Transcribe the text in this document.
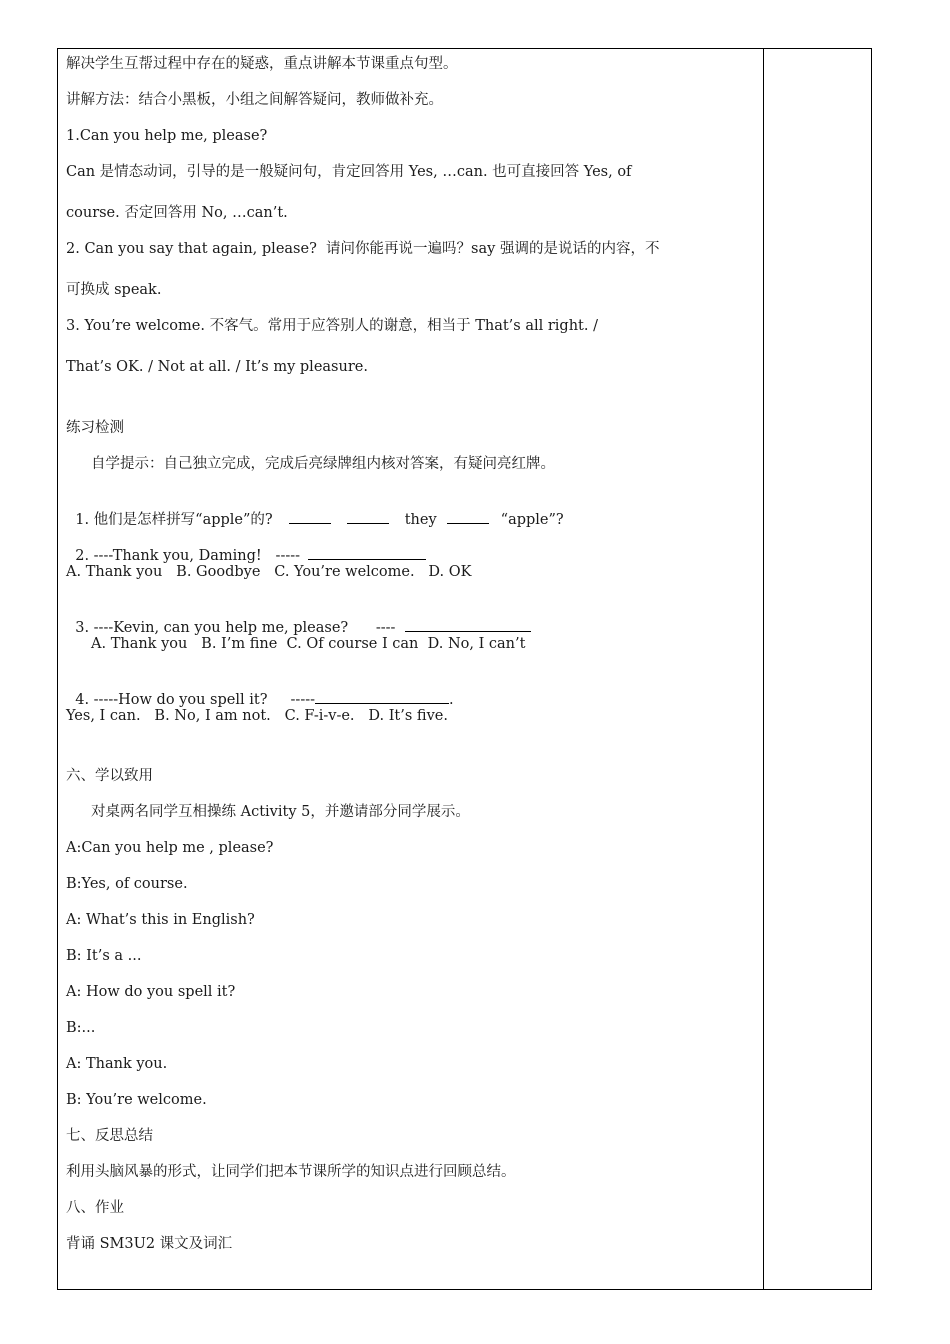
解决学生互帮过程中存在的疑惑，重点讲解本节课重点句型。
讲解方法：结合小黑板，小组之间解答疑问，教师做补充。
1.Can you help me, please?
Can 是情态动词，引导的是一般疑问句，肯定回答用 Yes, …can. 也可直接回答 Yes, of
course. 否定回答用 No, …can’t.
2. Can you say that again, please?  请问你能再说一遍吗？say 强调的是说话的内容，不
可换成 speak.
3. You’re welcome. 不客气。常用于应答别人的谢意，相当于 That’s all right. /
That’s OK. / Not at all. / It’s my pleasure.
练习检测
自学提示：自己独立完成，完成后亮绿牌组内核对答案，有疑问亮红牌。

1. 他们是怎样拼写“apple”的?	they	“apple”?

2. ----Thank you, Daming!   -----

A. Thank you   B. Goodbye   C. You’re welcome.   D. OK

3. ----Kevin, can you help me, please?      ----

A. Thank you   B. I’m fine  C. Of course I can  D. No, I can’t

4. -----How do you spell it?     -----	.

Yes, I can.   B. No, I am not.   C. F-i-v-e.   D. It’s five.
六、学以致用
对桌两名同学互相操练 Activity 5，并邀请部分同学展示。
A:Can you help me , please?
B:Yes, of course.
A: What’s this in English?
B: It’s a ...
A: How do you spell it?
B:...
A: Thank you.
B: You’re welcome.
七、反思总结
利用头脑风暴的形式，让同学们把本节课所学的知识点进行回顾总结。
八、作业
背诵 SM3U2 课文及词汇
